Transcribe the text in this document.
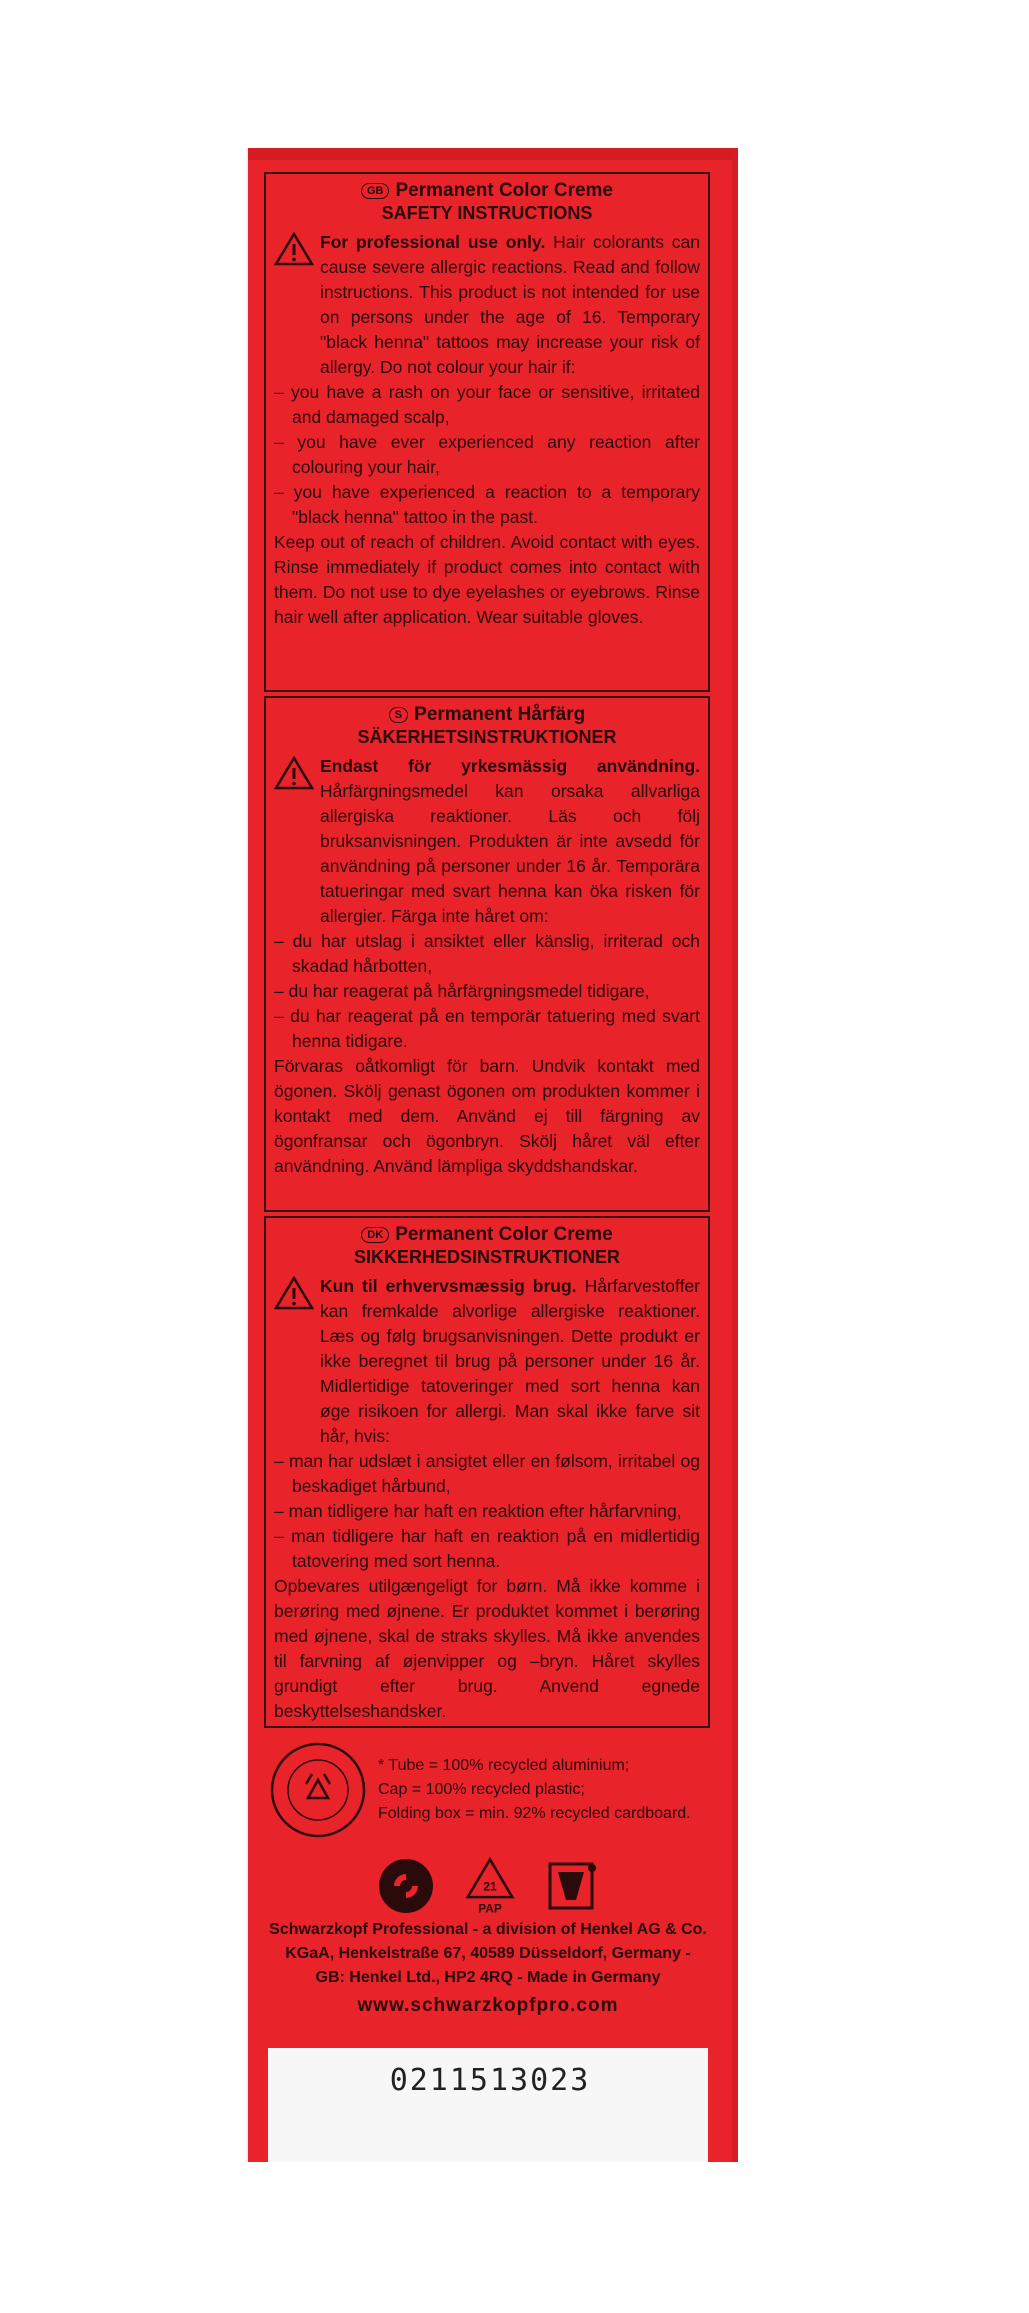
GB Permanent Color Creme
SAFETY INSTRUCTIONS
For professional use only. Hair colorants can cause severe allergic reactions. Read and follow instructions. This product is not intended for use on persons under the age of 16. Temporary "black henna" tattoos may increase your risk of allergy. Do not colour your hair if:
– you have a rash on your face or sensitive, irritated and damaged scalp,
– you have ever experienced any reaction after colouring your hair,
– you have experienced a reaction to a temporary "black henna" tattoo in the past.
Keep out of reach of children. Avoid contact with eyes. Rinse immediately if product comes into contact with them. Do not use to dye eyelashes or eyebrows. Rinse hair well after application. Wear suitable gloves.
S Permanent Hårfärg
SÄKERHETSINSTRUKTIONER
Endast för yrkesmässig användning. Hårfärgningsmedel kan orsaka allvarliga allergiska reaktioner. Läs och följ bruksanvisningen. Produkten är inte avsedd för användning på personer under 16 år. Temporära tatueringar med svart henna kan öka risken för allergier. Färga inte håret om:
– du har utslag i ansiktet eller känslig, irriterad och skadad hårbotten,
– du har reagerat på hårfärgningsmedel tidigare,
– du har reagerat på en temporär tatuering med svart henna tidigare.
Förvaras oåtkomligt för barn. Undvik kontakt med ögonen. Skölj genast ögonen om produkten kommer i kontakt med dem. Använd ej till färgning av ögonfransar och ögonbryn. Skölj håret väl efter användning. Använd lämpliga skyddshandskar.
DK Permanent Color Creme
SIKKERHEDSINSTRUKTIONER
Kun til erhvervsmæssig brug. Hårfarvestoffer kan fremkalde alvorlige allergiske reaktioner. Læs og følg brugsanvisningen. Dette produkt er ikke beregnet til brug på personer under 16 år. Midlertidige tatoveringer med sort henna kan øge risikoen for allergi. Man skal ikke farve sit hår, hvis:
– man har udslæt i ansigtet eller en følsom, irritabel og beskadiget hårbund,
– man tidligere har haft en reaktion efter hårfarvning,
– man tidligere har haft en reaktion på en midlertidig tatovering med sort henna.
Opbevares utilgængeligt for børn. Må ikke komme i berøring med øjnene. Er produktet kommet i berøring med øjnene, skal de straks skylles. Må ikke anvendes til farvning af øjenvipper og –bryn. Håret skylles grundigt efter brug. Anvend egnede beskyttelseshandsker.
* Tube = 100% recycled aluminium;
Cap = 100% recycled plastic;
Folding box = min. 92% recycled cardboard.
21
PAP
Schwarzkopf Professional - a division of Henkel AG & Co.
KGaA, Henkelstraße 67, 40589 Düsseldorf, Germany -
GB: Henkel Ltd., HP2 4RQ - Made in Germany
www.schwarzkopfpro.com
0211513023
